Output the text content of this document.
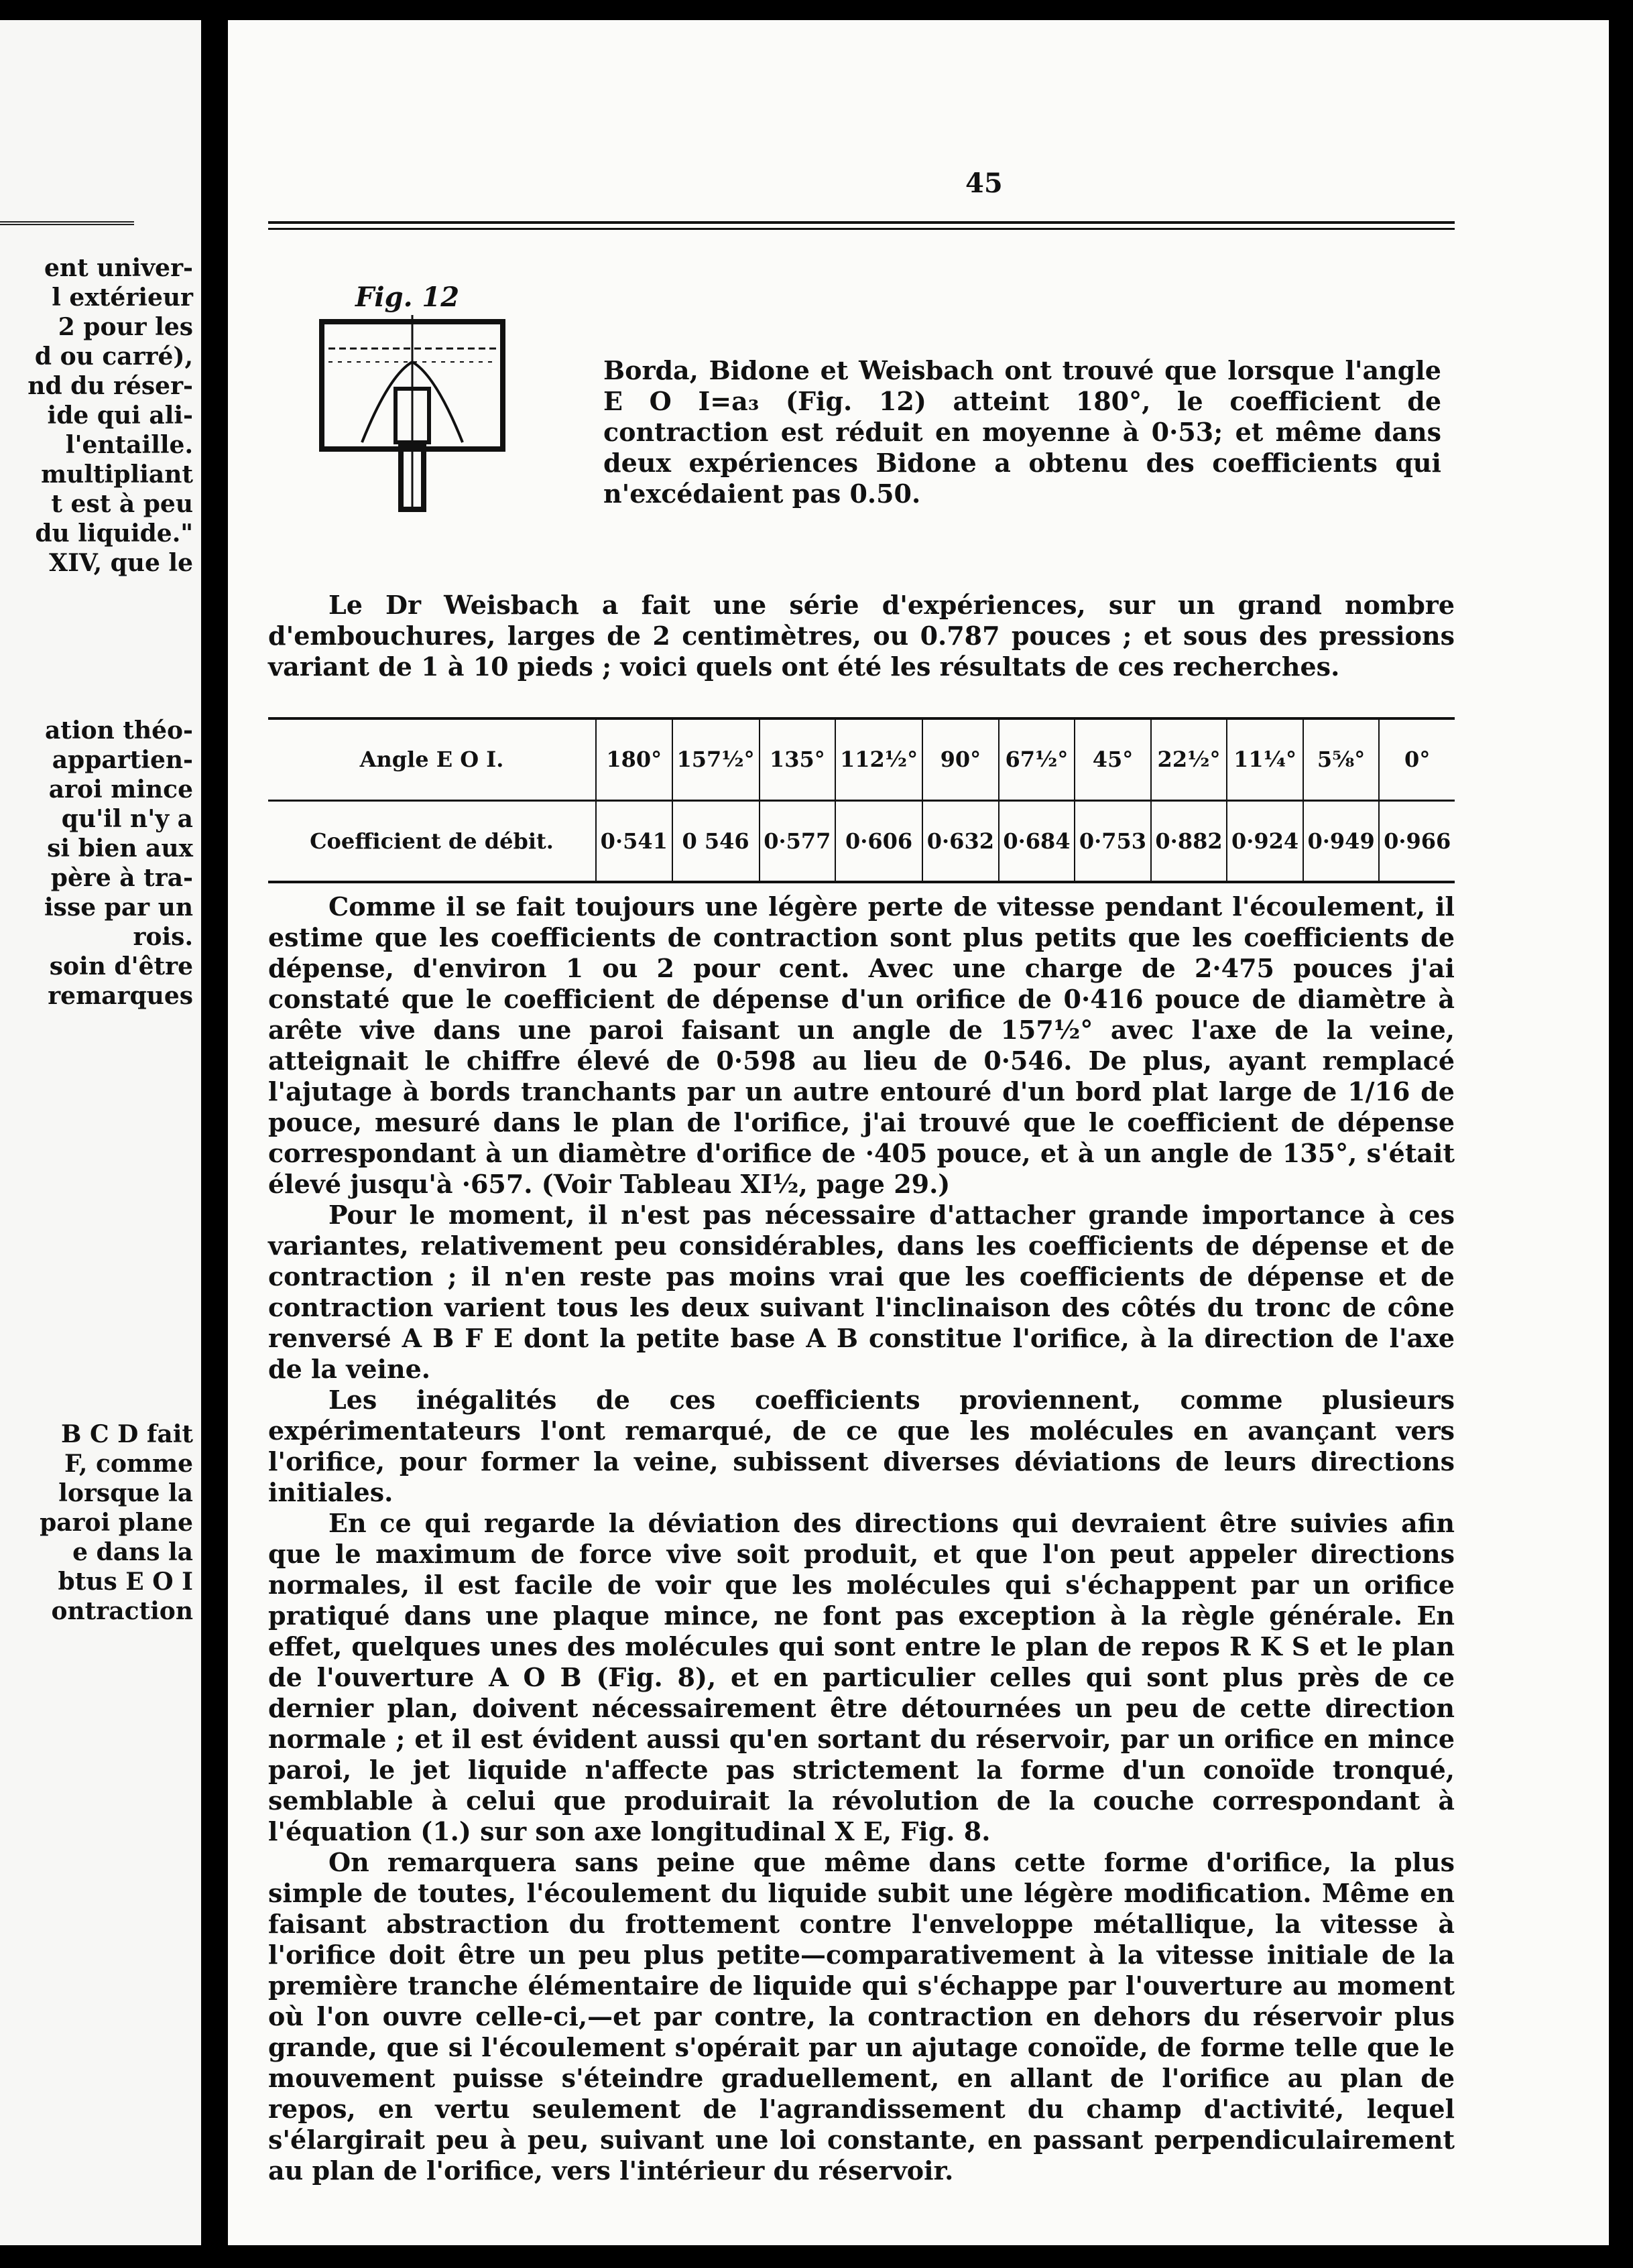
ent univer-
l extérieur
2 pour les
d ou carré),
nd du réser-
ide qui ali-
l'entaille.
multipliant
t est à peu
du liquide."
XIV, que le
ation théo-
appartien-
aroi mince
qu'il n'y a
si bien aux
père à tra-
isse par un
rois.
soin d'être
remarques
B C D fait
F, comme
lorsque la
paroi plane
e dans la
btus E O I
ontraction
45
Fig. 12
Borda, Bidone et Weisbach ont trouvé que lorsque l'angle E O I=a₃ (Fig. 12) atteint 180°, le coefficient de contraction est réduit en moyenne à 0·53; et même dans deux expériences Bidone a obtenu des coefficients qui n'excédaient pas 0.50.

Le Dr Weisbach a fait une série d'expériences, sur un grand nombre d'embouchures, larges de 2 centimètres, ou 0.787 pouces ; et sous des pressions variant de 1 à 10 pieds ; voici quels ont été les résultats de ces recherches.

Angle E O I.	180°	157½°	135°	112½°	90°	67½°	45°	22½°	11¼°	5⅝°	0°
Coefficient de débit.	0·541	0 546	0·577	0·606	0·632	0·684	0·753	0·882	0·924	0·949	0·966

Comme il se fait toujours une légère perte de vitesse pendant l'écoulement, il estime que les coefficients de contraction sont plus petits que les coefficients de dépense, d'environ 1 ou 2 pour cent. Avec une charge de 2·475 pouces j'ai constaté que le coefficient de dépense d'un orifice de 0·416 pouce de diamètre à arête vive dans une paroi faisant un angle de 157½° avec l'axe de la veine, atteignait le chiffre élevé de 0·598 au lieu de 0·546. De plus, ayant remplacé l'ajutage à bords tranchants par un autre entouré d'un bord plat large de 1/16 de pouce, mesuré dans le plan de l'orifice, j'ai trouvé que le coefficient de dépense correspondant à un diamètre d'orifice de ·405 pouce, et à un angle de 135°, s'était élevé jusqu'à ·657. (Voir Tableau XI½, page 29.)

Pour le moment, il n'est pas nécessaire d'attacher grande importance à ces variantes, relativement peu considérables, dans les coefficients de dépense et de contraction ; il n'en reste pas moins vrai que les coefficients de dépense et de contraction varient tous les deux suivant l'inclinaison des côtés du tronc de cône renversé A B F E dont la petite base A B constitue l'orifice, à la direction de l'axe de la veine.

Les inégalités de ces coefficients proviennent, comme plusieurs expérimentateurs l'ont remarqué, de ce que les molécules en avançant vers l'orifice, pour former la veine, subissent diverses déviations de leurs directions initiales.

En ce qui regarde la déviation des directions qui devraient être suivies afin que le maximum de force vive soit produit, et que l'on peut appeler directions normales, il est facile de voir que les molécules qui s'échappent par un orifice pratiqué dans une plaque mince, ne font pas exception à la règle générale. En effet, quelques unes des molécules qui sont entre le plan de repos R K S et le plan de l'ouverture A O B (Fig. 8), et en particulier celles qui sont plus près de ce dernier plan, doivent nécessairement être détournées un peu de cette direction normale ; et il est évident aussi qu'en sortant du réservoir, par un orifice en mince paroi, le jet liquide n'affecte pas strictement la forme d'un conoïde tronqué, semblable à celui que produirait la révolution de la couche correspondant à l'équation (1.) sur son axe longitudinal X E, Fig. 8.

On remarquera sans peine que même dans cette forme d'orifice, la plus simple de toutes, l'écoulement du liquide subit une légère modification. Même en faisant abstraction du frottement contre l'enveloppe métallique, la vitesse à l'orifice doit être un peu plus petite—comparativement à la vitesse initiale de la première tranche élémentaire de liquide qui s'échappe par l'ouverture au moment où l'on ouvre celle-ci,—et par contre, la contraction en dehors du réservoir plus grande, que si l'écoulement s'opérait par un ajutage conoïde, de forme telle que le mouvement puisse s'éteindre graduellement, en allant de l'orifice au plan de repos, en vertu seulement de l'agrandissement du champ d'activité, lequel s'élargirait peu à peu, suivant une loi constante, en passant perpendiculairement au plan de l'orifice, vers l'intérieur du réservoir.
